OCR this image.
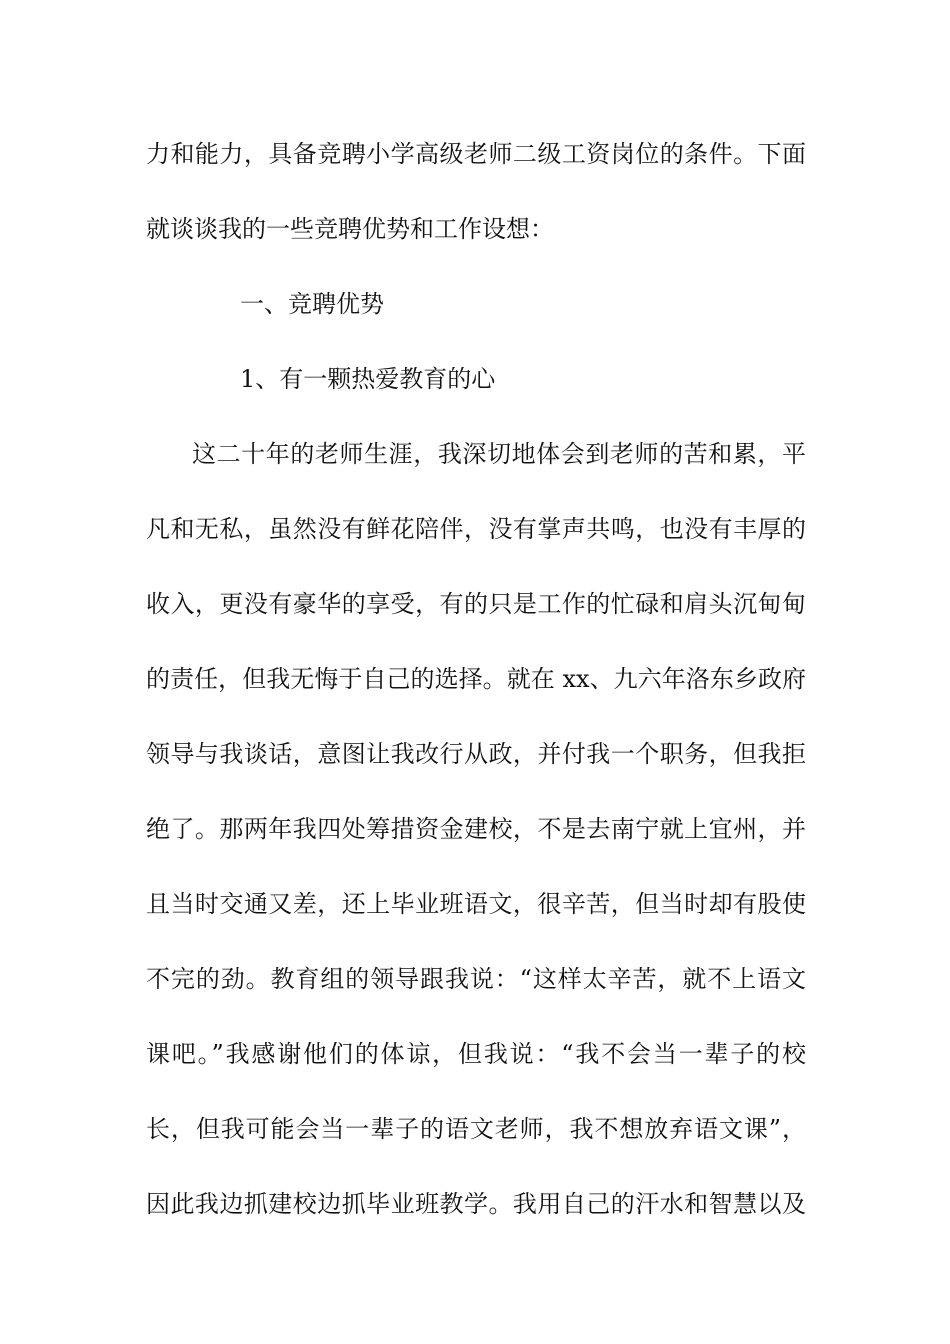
力和能力，具备竞聘小学高级老师二级工资岗位的条件。下面
就谈谈我的一些竞聘优势和工作设想：
一、竞聘优势
1、有一颗热爱教育的心
这二十年的老师生涯，我深切地体会到老师的苦和累，平
凡和无私，虽然没有鲜花陪伴，没有掌声共鸣，也没有丰厚的
收入，更没有豪华的享受，有的只是工作的忙碌和肩头沉甸甸
的责任，但我无悔于自己的选择。就在 xx、九六年洛东乡政府
领导与我谈话，意图让我改行从政，并付我一个职务，但我拒
绝了。那两年我四处筹措资金建校，不是去南宁就上宜州，并
且当时交通又差，还上毕业班语文，很辛苦，但当时却有股使
不完的劲。教育组的领导跟我说：“这样太辛苦，就不上语文
课吧。”我感谢他们的体谅，但我说：“我不会当一辈子的校
长，但我可能会当一辈子的语文老师，我不想放弃语文课”，
因此我边抓建校边抓毕业班教学。我用自己的汗水和智慧以及
